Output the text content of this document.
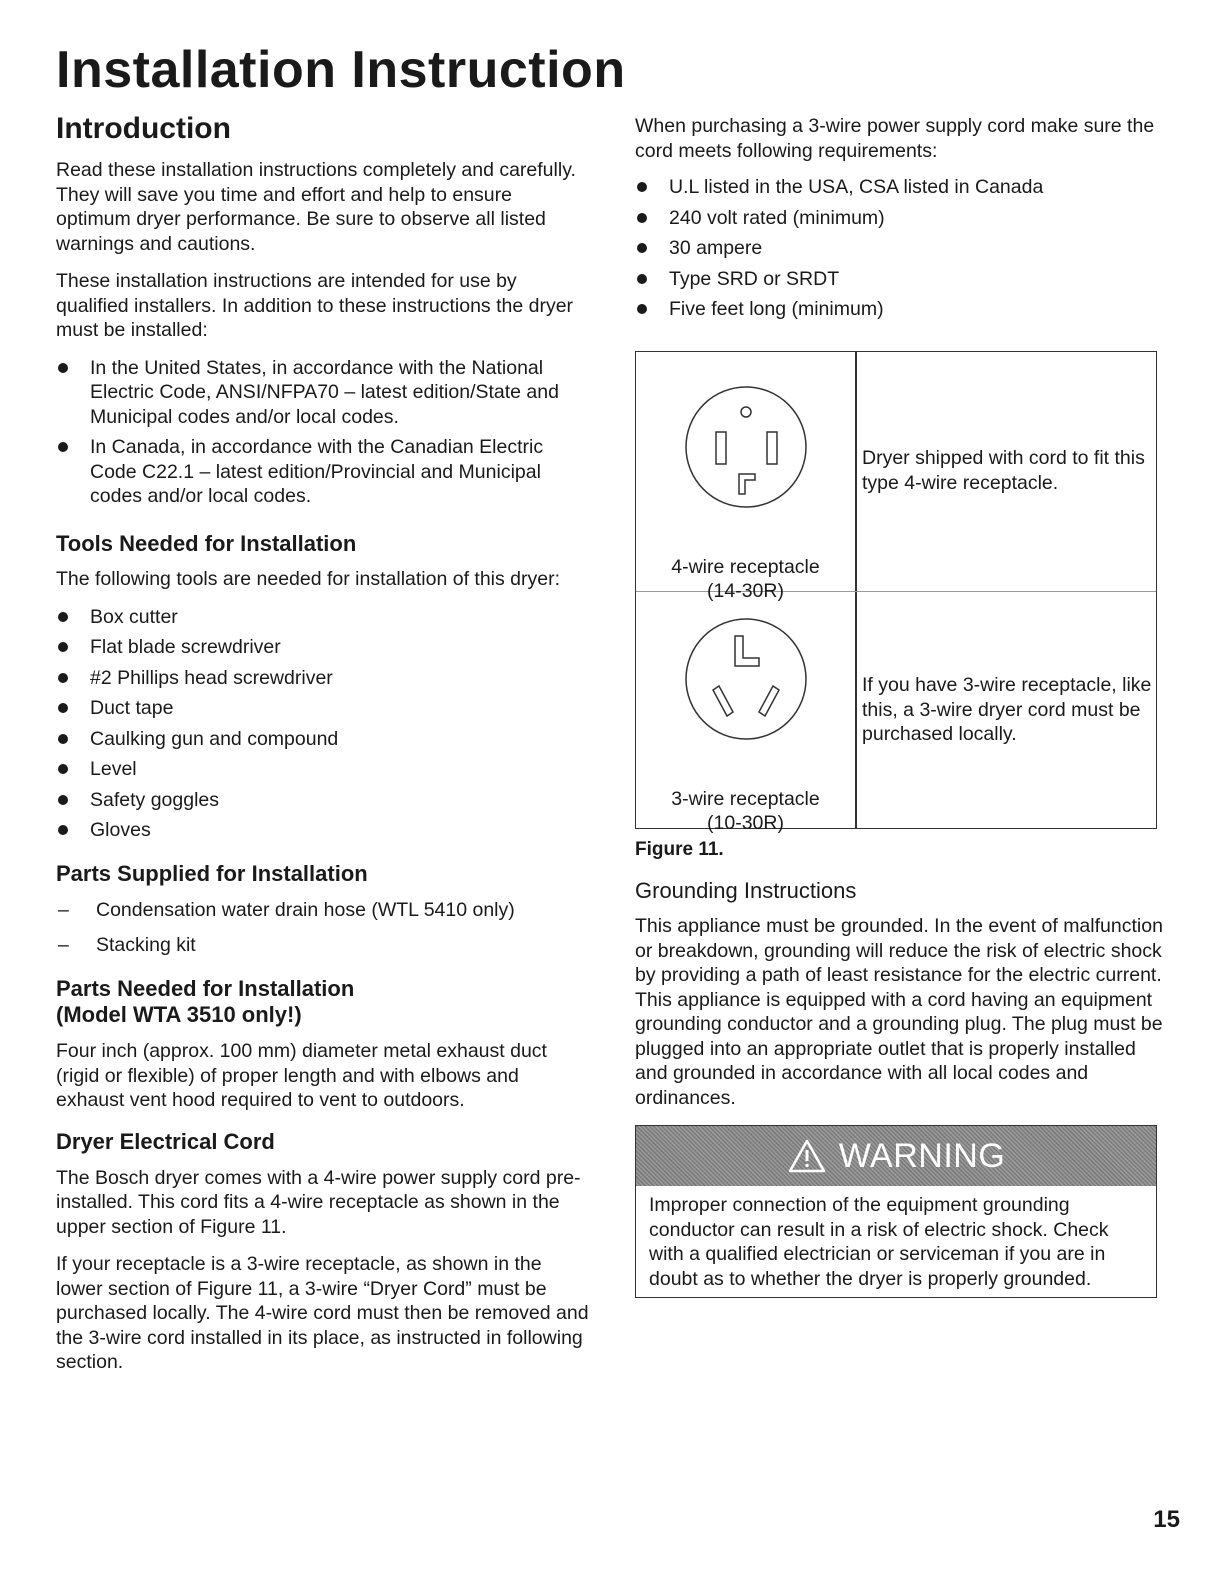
Installation Instruction
Introduction

Read these installation instructions completely and carefully. They will save you time and effort and help to ensure optimum dryer performance. Be sure to observe all listed warnings and cautions.

These installation instructions are intended for use by qualified installers. In addition to these instructions the dryer must be installed:

In the United States, in accordance with the National Electric Code, ANSI/NFPA70 – latest edition/State and Municipal codes and/or local codes.
In Canada, in accordance with the Canadian Electric Code C22.1 – latest edition/Provincial and Municipal codes and/or local codes.
Tools Needed for Installation

The following tools are needed for installation of this dryer:

Box cutter
Flat blade screwdriver
#2 Phillips head screwdriver
Duct tape
Caulking gun and compound
Level
Safety goggles
Gloves
Parts Supplied for Installation
– Condensation water drain hose (WTL 5410 only)
– Stacking kit
Parts Needed for Installation
(Model WTA 3510 only!)

Four inch (approx. 100 mm) diameter metal exhaust duct (rigid or flexible) of proper length and with elbows and exhaust vent hood required to vent to outdoors.

Dryer Electrical Cord

The Bosch dryer comes with a 4-wire power supply cord pre-installed. This cord fits a 4-wire receptacle as shown in the upper section of Figure 11.

If your receptacle is a 3-wire receptacle, as shown in the lower section of Figure 11, a 3-wire “Dryer Cord” must be purchased locally. The 4-wire cord must then be removed and the 3-wire cord installed in its place, as instructed in following section.

When purchasing a 3-wire power supply cord make sure the cord meets following requirements:

U.L listed in the USA, CSA listed in Canada
240 volt rated (minimum)
30 ampere
Type SRD or SRDT
Five feet long (minimum)
4-wire receptacle
(14-30R)
Dryer shipped with cord to fit this type 4-wire receptacle.
3-wire receptacle
(10-30R)
If you have 3-wire receptacle, like this, a 3-wire dryer cord must be purchased locally.

Figure 11.

Grounding Instructions

This appliance must be grounded. In the event of malfunction or breakdown, grounding will reduce the risk of electric shock by providing a path of least resistance for the electric current. This appliance is equipped with a cord having an equipment grounding conductor and a grounding plug. The plug must be plugged into an appropriate outlet that is properly installed and grounded in accordance with all local codes and ordinances.

WARNING
Improper connection of the equipment grounding conductor can result in a risk of electric shock. Check with a qualified electrician or serviceman if you are in doubt as to whether the dryer is properly grounded.

15
